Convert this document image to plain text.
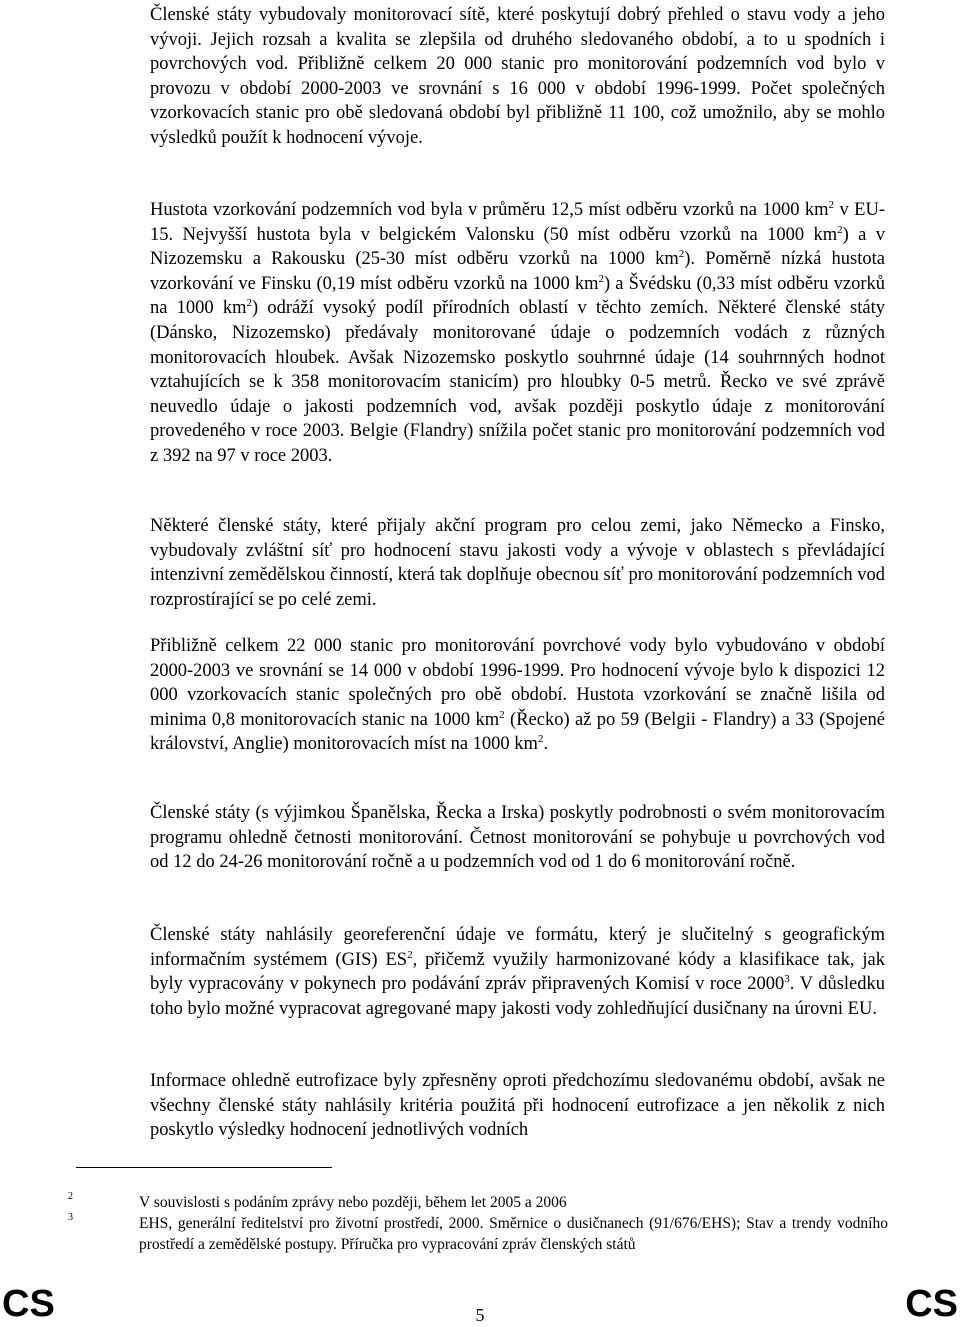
Členské státy vybudovaly monitorovací sítě, které poskytují dobrý přehled o stavu vody a jeho vývoji. Jejich rozsah a kvalita se zlepšila od druhého sledovaného období, a to u spodních i povrchových vod. Přibližně celkem 20 000 stanic pro monitorování podzemních vod bylo v provozu v období 2000-2003 ve srovnání s 16 000 v období 1996-1999. Počet společných vzorkovacích stanic pro obě sledovaná období byl přibližně 11 100, což umožnilo, aby se mohlo výsledků použít k hodnocení vývoje.

Hustota vzorkování podzemních vod byla v průměru 12,5 míst odběru vzorků na 1000 $km^2$ v EU-15. Nejvyšší hustota byla v belgickém Valonsku (50 míst odběru vzorků na 1000 $km^2$) a v Nizozemsku a Rakousku (25-30 míst odběru vzorků na 1000 $km^2$). Poměrně nízká hustota vzorkování ve Finsku (0,19 míst odběru vzorků na 1000 $km^2$) a Švédsku (0,33 míst odběru vzorků na 1000 $km^2$) odráží vysoký podíl přírodních oblastí v těchto zemích. Některé členské státy (Dánsko, Nizozemsko) předávaly monitorované údaje o podzemních vodách z různých monitorovacích hloubek. Avšak Nizozemsko poskytlo souhrnné údaje (14 souhrnných hodnot vztahujících se k 358 monitorovacím stanicím) pro hloubky 0-5 metrů. Řecko ve své zprávě neuvedlo údaje o jakosti podzemních vod, avšak později poskytlo údaje z monitorování provedeného v roce 2003. Belgie (Flandry) snížila počet stanic pro monitorování podzemních vod z 392 na 97 v roce 2003.

Některé členské státy, které přijaly akční program pro celou zemi, jako Německo a Finsko, vybudovaly zvláštní síť pro hodnocení stavu jakosti vody a vývoje v oblastech s převládající intenzivní zemědělskou činností, která tak doplňuje obecnou síť pro monitorování podzemních vod rozprostírající se po celé zemi.

Přibližně celkem 22 000 stanic pro monitorování povrchové vody bylo vybudováno v období 2000-2003 ve srovnání se 14 000 v období 1996-1999. Pro hodnocení vývoje bylo k dispozici 12 000 vzorkovacích stanic společných pro obě období. Hustota vzorkování se značně lišila od minima 0,8 monitorovacích stanic na 1000 $km^2$ (Řecko) až po 59 (Belgii - Flandry) a 33 (Spojené království, Anglie) monitorovacích míst na 1000 $km^2$.

Členské státy (s výjimkou Španělska, Řecka a Irska) poskytly podrobnosti o svém monitorovacím programu ohledně četnosti monitorování. Četnost monitorování se pohybuje u povrchových vod od 12 do 24-26 monitorování ročně a u podzemních vod od 1 do 6 monitorování ročně.

Členské státy nahlásily georeferenční údaje ve formátu, který je slučitelný s geografickým informačním systémem (GIS) $ES^2$, přičemž využily harmonizované kódy a klasifikace tak, jak byly vypracovány v pokynech pro podávání zpráv připravených Komisí v roce 2000$^3$. V důsledku toho bylo možné vypracovat agregované mapy jakosti vody zohledňující dusičnany na úrovni EU.

Informace ohledně eutrofizace byly zpřesněny oproti předchozímu sledovanému období, avšak ne všechny členské státy nahlásily kritéria použitá při hodnocení eutrofizace a jen několik z nich poskytlo výsledky hodnocení jednotlivých vodních

2	V souvislosti s podáním zprávy nebo později, během let 2005 a 2006
3	EHS, generální ředitelství pro životní prostředí, 2000. Směrnice o dusičnanech (91/676/EHS); Stav a trendy vodního prostředí a zemědělské postupy. Příručka pro vypracování zpráv členských států
CS	5	CS
